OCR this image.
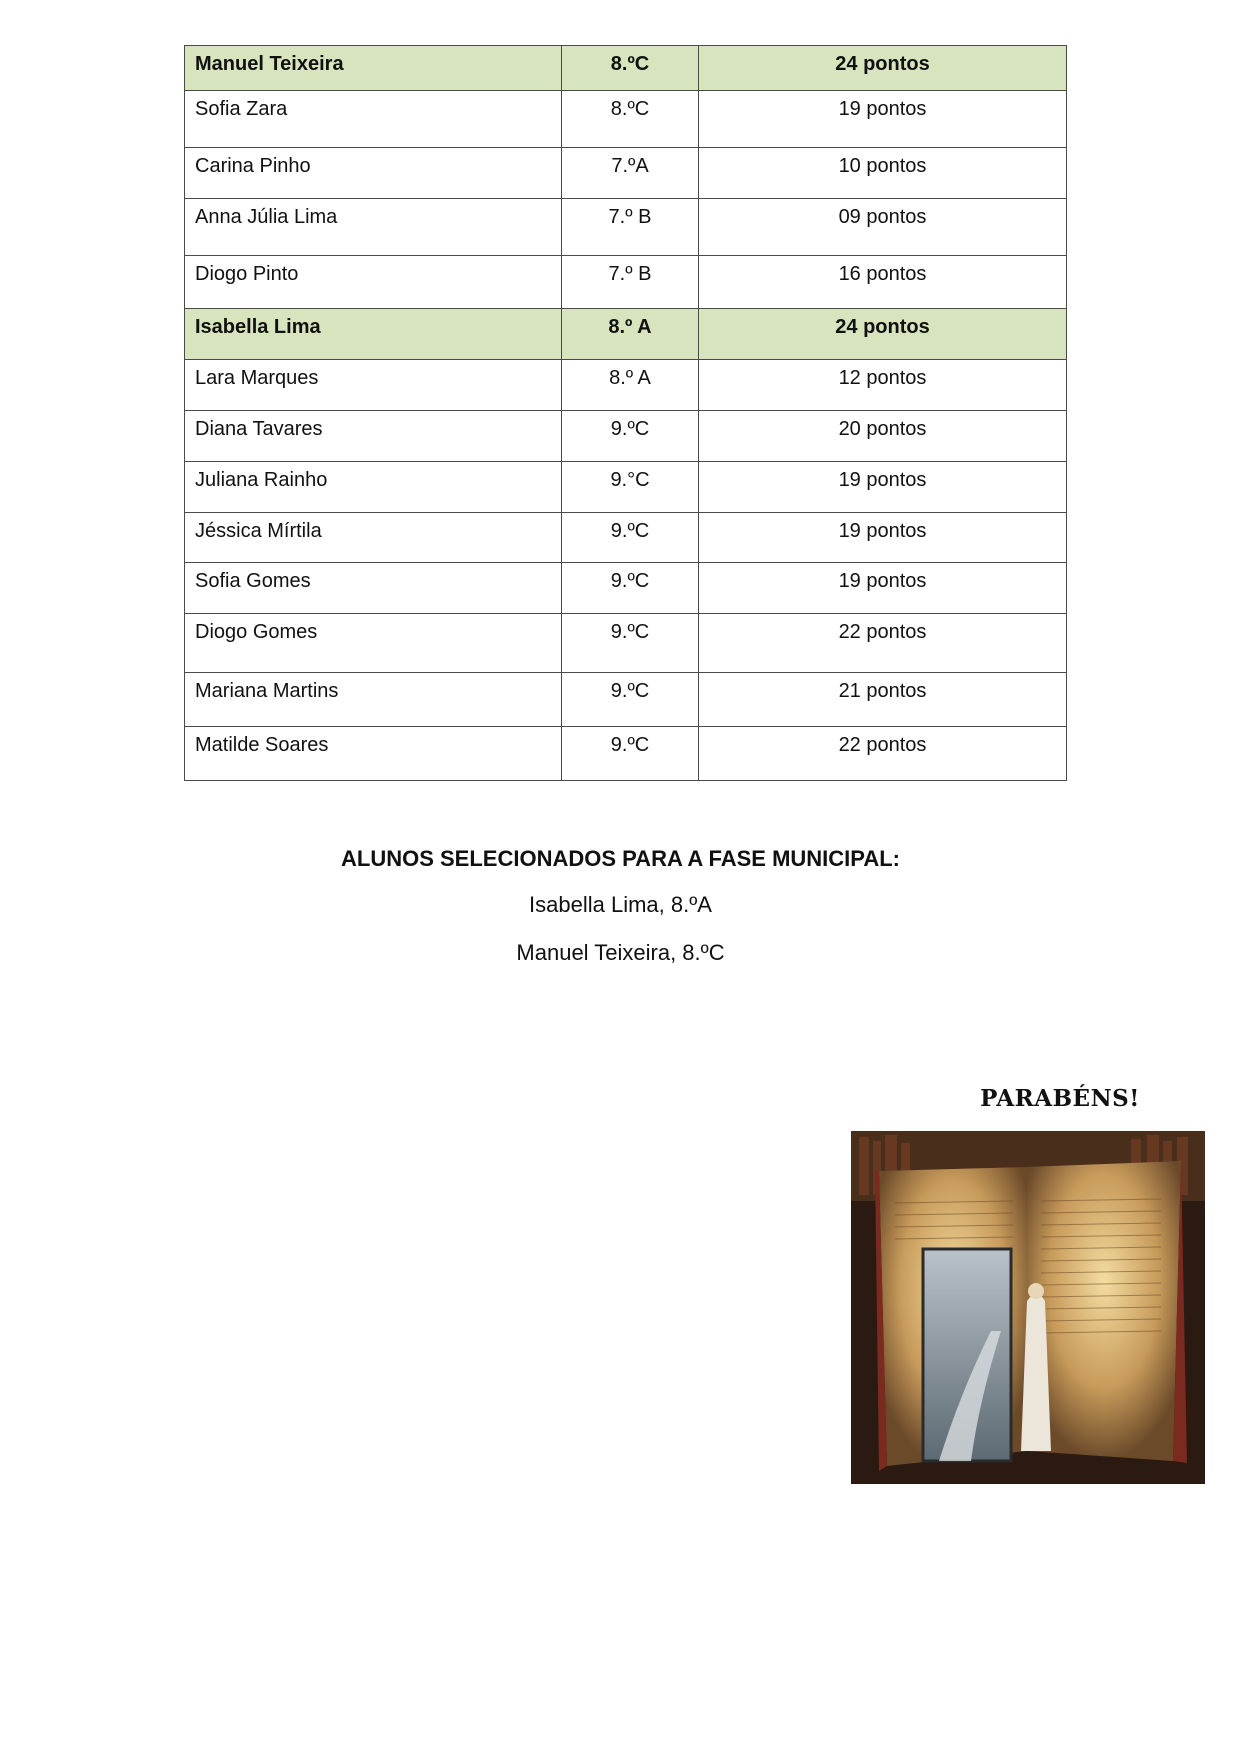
Manuel Teixeira	8.ºC	24 pontos
Sofia Zara	8.ºC	19 pontos
Carina Pinho	7.ºA	10 pontos
Anna Júlia Lima	7.º B	09 pontos
Diogo Pinto	7.º B	16 pontos
Isabella Lima	8.º A	24 pontos
Lara Marques	8.º A	12 pontos
Diana Tavares	9.ºC	20 pontos
Juliana Rainho	9.°C	19 pontos
Jéssica Mírtila	9.ºC	19 pontos
Sofia Gomes	9.ºC	19 pontos
Diogo Gomes	9.ºC	22 pontos
Mariana Martins	9.ºC	21 pontos
Matilde Soares	9.ºC	22 pontos
ALUNOS SELECIONADOS PARA A FASE MUNICIPAL:
Isabella Lima, 8.ºA
Manuel Teixeira, 8.ºC
PARABÉNS!
